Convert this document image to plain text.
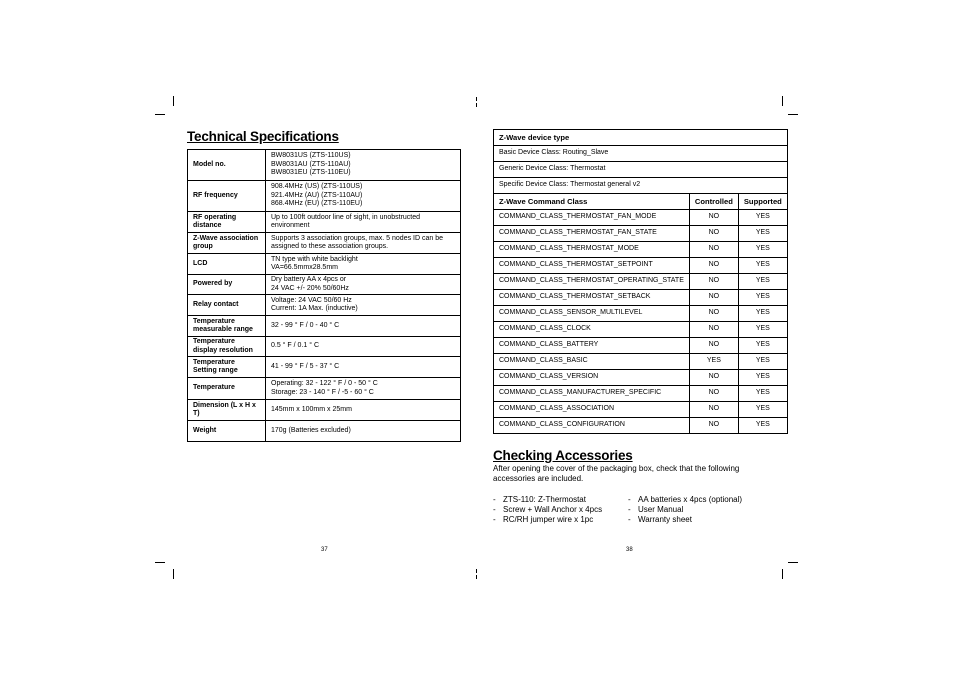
Technical Specifications
Model no.	BW8031US (ZTS-110US)
BW8031AU (ZTS-110AU)
BW8031EU (ZTS-110EU)

RF frequency	908.4MHz (US) (ZTS-110US)
921.4MHz (AU) (ZTS-110AU)
868.4MHz (EU) (ZTS-110EU)

RF operating distance	Up to 100ft outdoor line of sight, in unobstructed environment

Z-Wave association group	Supports 3 association groups, max. 5 nodes ID can be assigned to these association groups.

LCD	TN type with white backlight
VA=66.5mmx28.5mm

Powered by	Dry battery AA x 4pcs or
24 VAC +/- 20% 50/60Hz

Relay contact	Voltage: 24 VAC 50/60 Hz
Current: 1A Max. (inductive)

Temperature measurable range	32 - 99 ° F / 0 - 40 ° C

Temperature display resolution	0.5 ° F / 0.1 ° C

Temperature Setting range	41 - 99 ° F / 5 - 37 ° C

Temperature	Operating: 32 - 122 ° F / 0 - 50 ° C
Storage: 23 - 140 ° F / -5 - 60 ° C

Dimension (L x H x T)	145mm x 100mm x 25mm

Weight	170g (Batteries excluded)
37
Z-Wave device type		
Basic Device Class: Routing_Slave		
Generic Device Class: Thermostat		
Specific Device Class: Thermostat general v2		
Z-Wave Command Class	Controlled	Supported
COMMAND_CLASS_THERMOSTAT_FAN_MODE	NO	YES
COMMAND_CLASS_THERMOSTAT_FAN_STATE	NO	YES
COMMAND_CLASS_THERMOSTAT_MODE	NO	YES
COMMAND_CLASS_THERMOSTAT_SETPOINT	NO	YES
COMMAND_CLASS_THERMOSTAT_OPERATING_STATE	NO	YES
COMMAND_CLASS_THERMOSTAT_SETBACK	NO	YES
COMMAND_CLASS_SENSOR_MULTILEVEL	NO	YES
COMMAND_CLASS_CLOCK	NO	YES
COMMAND_CLASS_BATTERY	NO	YES
COMMAND_CLASS_BASIC	YES	YES
COMMAND_CLASS_VERSION	NO	YES
COMMAND_CLASS_MANUFACTURER_SPECIFIC	NO	YES
COMMAND_CLASS_ASSOCIATION	NO	YES
COMMAND_CLASS_CONFIGURATION	NO	YES
Checking Accessories

After opening the cover of the packaging box, check that the following accessories are included.

- ZTS-110: Z-Thermostat
- Screw + Wall Anchor x 4pcs
- RC/RH jumper wire x 1pc
- AA batteries x 4pcs (optional)
- User Manual
- Warranty sheet
38
